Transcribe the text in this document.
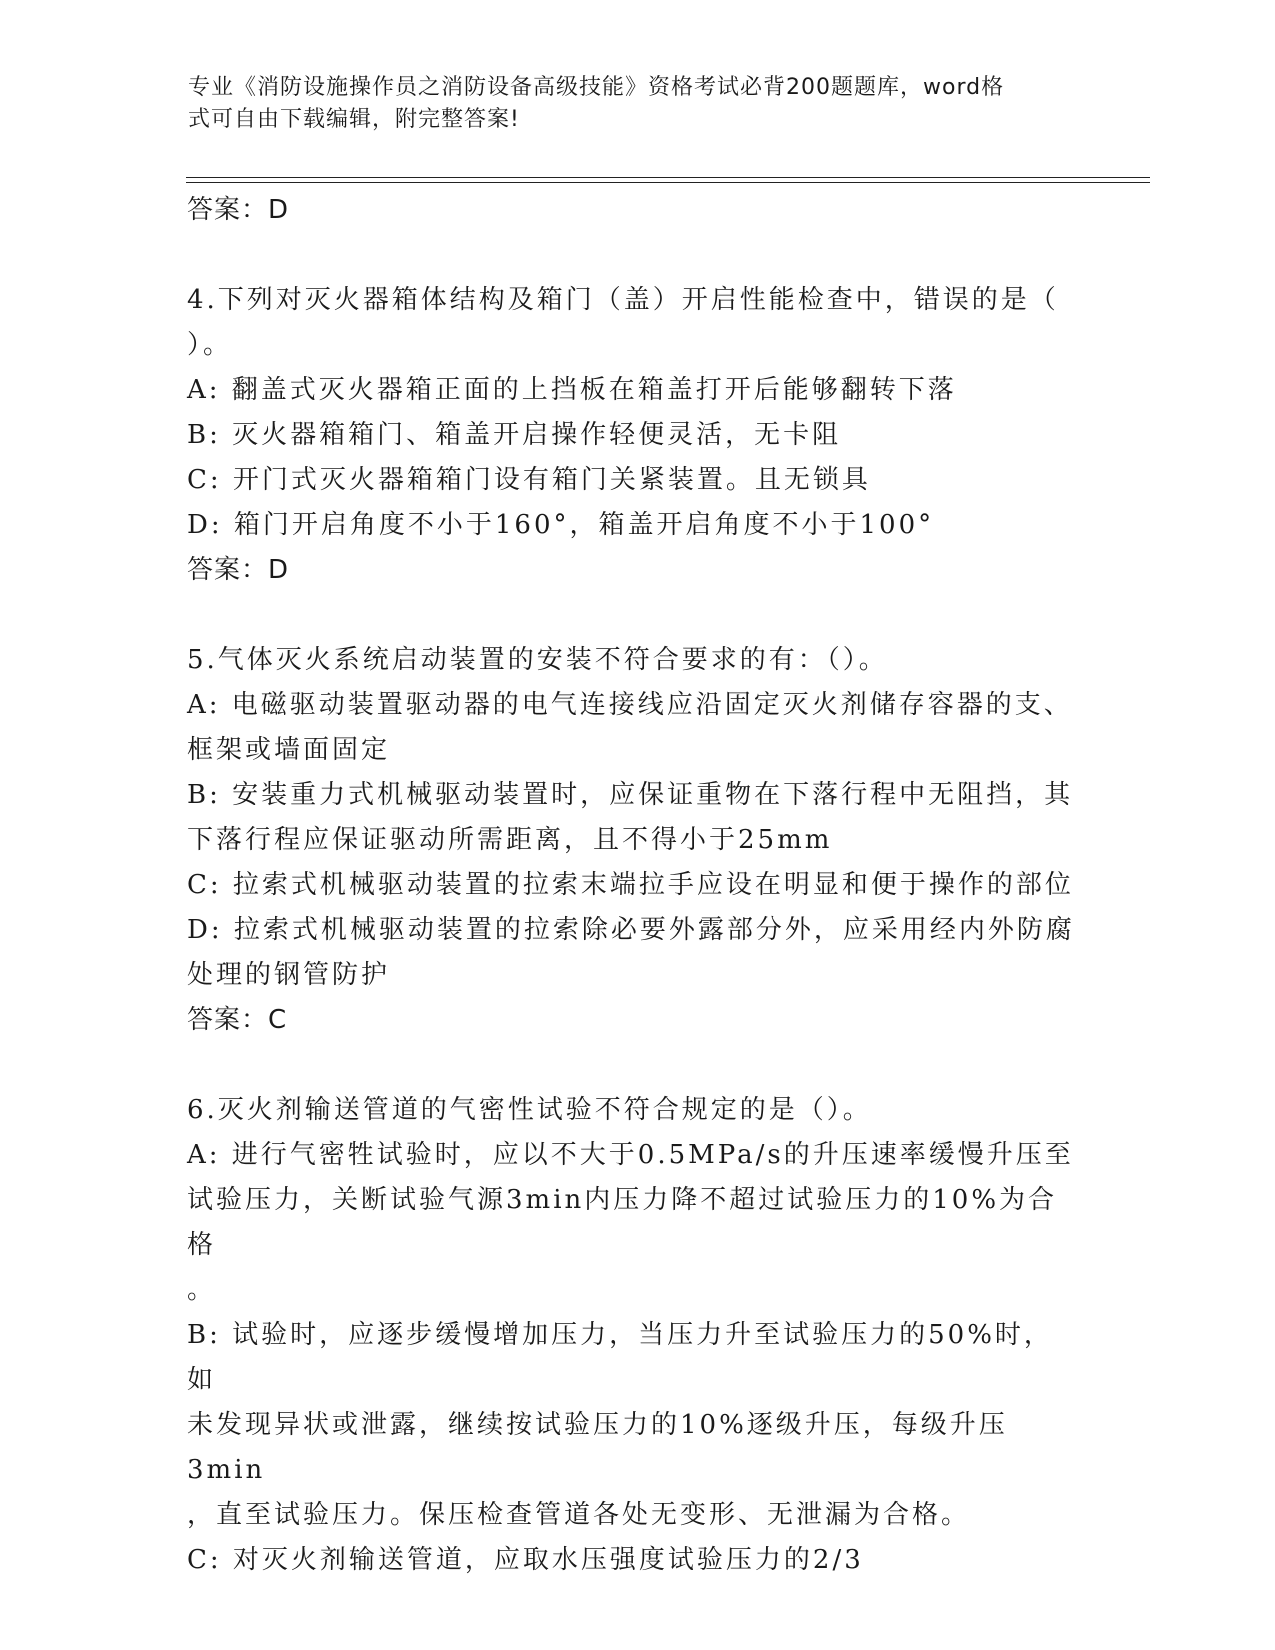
专业《消防设施操作员之消防设备高级技能》资格考试必背200题题库，word格
式可自由下载编辑，附完整答案!

答案：D

4.下列对灭火器箱体结构及箱门（盖）开启性能检查中，错误的是（

）。

A: 翻盖式灭火器箱正面的上挡板在箱盖打开后能够翻转下落

B: 灭火器箱箱门、箱盖开启操作轻便灵活，无卡阻

C: 开门式灭火器箱箱门设有箱门关紧装置。且无锁具

D: 箱门开启角度不小于160°，箱盖开启角度不小于100°

答案：D

5.气体灭火系统启动装置的安装不符合要求的有：（）。

A: 电磁驱动装置驱动器的电气连接线应沿固定灭火剂储存容器的支、

框架或墙面固定

B: 安装重力式机械驱动装置时，应保证重物在下落行程中无阻挡，其

下落行程应保证驱动所需距离，且不得小于25mm

C: 拉索式机械驱动装置的拉索末端拉手应设在明显和便于操作的部位

D: 拉索式机械驱动装置的拉索除必要外露部分外，应采用经内外防腐

处理的钢管防护

答案：C

6.灭火剂输送管道的气密性试验不符合规定的是（）。

A: 进行气密牲试验时，应以不大于0.5MPa/s的升压速率缓慢升压至

试验压力，关断试验气源3min内压力降不超过试验压力的10%为合格

。

B: 试验时，应逐步缓慢增加压力，当压力升至试验压力的50%时，如

未发现异状或泄露，继续按试验压力的10%逐级升压，每级升压3min

，直至试验压力。保压检查管道各处无变形、无泄漏为合格。

C: 对灭火剂输送管道，应取水压强度试验压力的2/3
